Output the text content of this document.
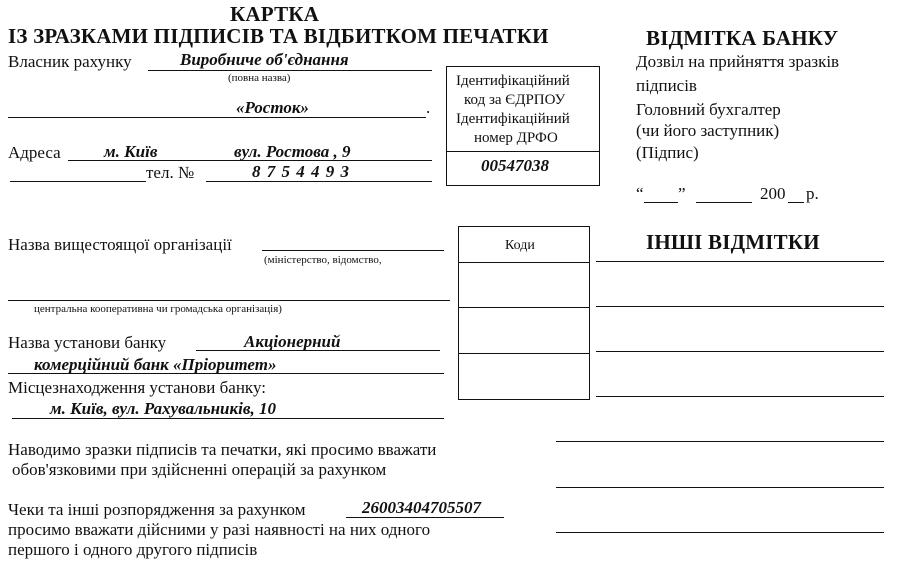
КАРТКА
ІЗ ЗРАЗКАМИ ПІДПИСІВ ТА ВІДБИТКОМ ПЕЧАТКИ
Власник рахунку	Виробниче об'єднання
(повна назва)
«Росток»	.
Адреса	м. Київ	вул. Ростова , 9
тел. №	8 7 5 4 4 9 3
Ідентифікаційний
код за ЄДРПОУ
Ідентифікаційний
номер ДРФО
00547038
Назва вищестоящої організації
(міністерство, відомство,
центральна кооперативна чи громадська організація)
Коди
Назва установи банку	Акціонерний
комерційний банк «Пріоритет»
Місцезнаходження установи банку:
м. Київ, вул. Рахувальників, 10
Наводимо зразки підписів та печатки, які просимо вважати
обов'язковими при здійсненні операцій за рахунком
Чеки та інші розпорядження за рахунком	26003404705507
просимо вважати дійсними у разі наявності на них одного
першого і одного другого підписів
ВІДМІТКА БАНКУ
Дозвіл на прийняття зразків
підписів
Головний бухгалтер
(чи його заступник)
(Підпис)
“ ”	200 р.
ІНШІ ВІДМІТКИ
